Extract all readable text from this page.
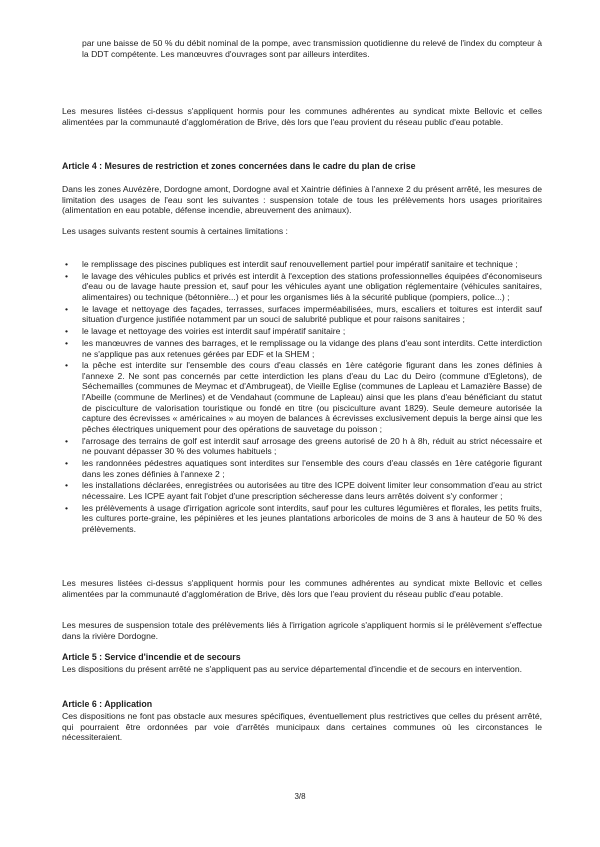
par une baisse de 50 % du débit nominal de la pompe, avec transmission quotidienne du relevé de l'index du compteur à la DDT compétente. Les manœuvres d'ouvrages sont par ailleurs interdites.

Les mesures listées ci-dessus s'appliquent hormis pour les communes adhérentes au syndicat mixte Bellovic et celles alimentées par la communauté d'agglomération de Brive, dès lors que l'eau provient du réseau public d'eau potable.

Article 4 : Mesures de restriction et zones concernées dans le cadre du plan de crise

Dans les zones Auvézère, Dordogne amont, Dordogne aval et Xaintrie définies à l'annexe 2 du présent arrêté, les mesures de limitation des usages de l'eau sont les suivantes : suspension totale de tous les prélèvements hors usages prioritaires (alimentation en eau potable, défense incendie, abreuvement des animaux).

Les usages suivants restent soumis à certaines limitations :

• le remplissage des piscines publiques est interdit sauf renouvellement partiel pour impératif sanitaire et technique ;
• le lavage des véhicules publics et privés est interdit à l'exception des stations professionnelles équipées d'économiseurs d'eau ou de lavage haute pression et, sauf pour les véhicules ayant une obligation réglementaire (véhicules sanitaires, alimentaires) ou technique (bétonnière...) et pour les organismes liés à la sécurité publique (pompiers, police...) ;
• le lavage et nettoyage des façades, terrasses, surfaces imperméabilisées, murs, escaliers et toitures est interdit sauf situation d'urgence justifiée notamment par un souci de salubrité publique et pour raisons sanitaires ;
• le lavage et nettoyage des voiries est interdit sauf impératif sanitaire ;
• les manœuvres de vannes des barrages, et le remplissage ou la vidange des plans d'eau sont interdits. Cette interdiction ne s'applique pas aux retenues gérées par EDF et la SHEM ;
• la pêche est interdite sur l'ensemble des cours d'eau classés en 1ère catégorie figurant dans les zones définies à l'annexe 2. Ne sont pas concernés par cette interdiction les plans d'eau du Lac du Deiro (commune d'Egletons), de Séchemailles (communes de Meymac et d'Ambrugeat), de Vieille Eglise (communes de Lapleau et Lamazière Basse) de l'Abeille (commune de Merlines) et de Vendahaut (commune de Lapleau) ainsi que les plans d'eau bénéficiant du statut de pisciculture de valorisation touristique ou fondé en titre (ou pisciculture avant 1829). Seule demeure autorisée la capture des écrevisses « américaines » au moyen de balances à écrevisses exclusivement depuis la berge ainsi que les pêches électriques uniquement pour des opérations de sauvetage du poisson ;
• l'arrosage des terrains de golf est interdit sauf arrosage des greens autorisé de 20 h à 8h, réduit au strict nécessaire et ne pouvant dépasser 30 % des volumes habituels ;
• les randonnées pédestres aquatiques sont interdites sur l'ensemble des cours d'eau classés en 1ère catégorie figurant dans les zones définies à l'annexe 2 ;
• les installations déclarées, enregistrées ou autorisées au titre des ICPE doivent limiter leur consommation d'eau au strict nécessaire. Les ICPE ayant fait l'objet d'une prescription sécheresse dans leurs arrêtés doivent s'y conformer ;
• les prélèvements à usage d'irrigation agricole sont interdits, sauf pour les cultures légumières et florales, les petits fruits, les cultures porte-graine, les pépinières et les jeunes plantations arboricoles de moins de 3 ans à hauteur de 50 % des prélèvements.

Les mesures listées ci-dessus s'appliquent hormis pour les communes adhérentes au syndicat mixte Bellovic et celles alimentées par la communauté d'agglomération de Brive, dès lors que l'eau provient du réseau public d'eau potable.

Les mesures de suspension totale des prélèvements liés à l'irrigation agricole s'appliquent hormis si le prélèvement s'effectue dans la rivière Dordogne.

Article 5 : Service d'incendie et de secours

Les dispositions du présent arrêté ne s'appliquent pas au service départemental d'incendie et de secours en intervention.

Article 6 : Application

Ces dispositions ne font pas obstacle aux mesures spécifiques, éventuellement plus restrictives que celles du présent arrêté, qui pourraient être ordonnées par voie d'arrêtés municipaux dans certaines communes où les circonstances le nécessiteraient.

3/8
